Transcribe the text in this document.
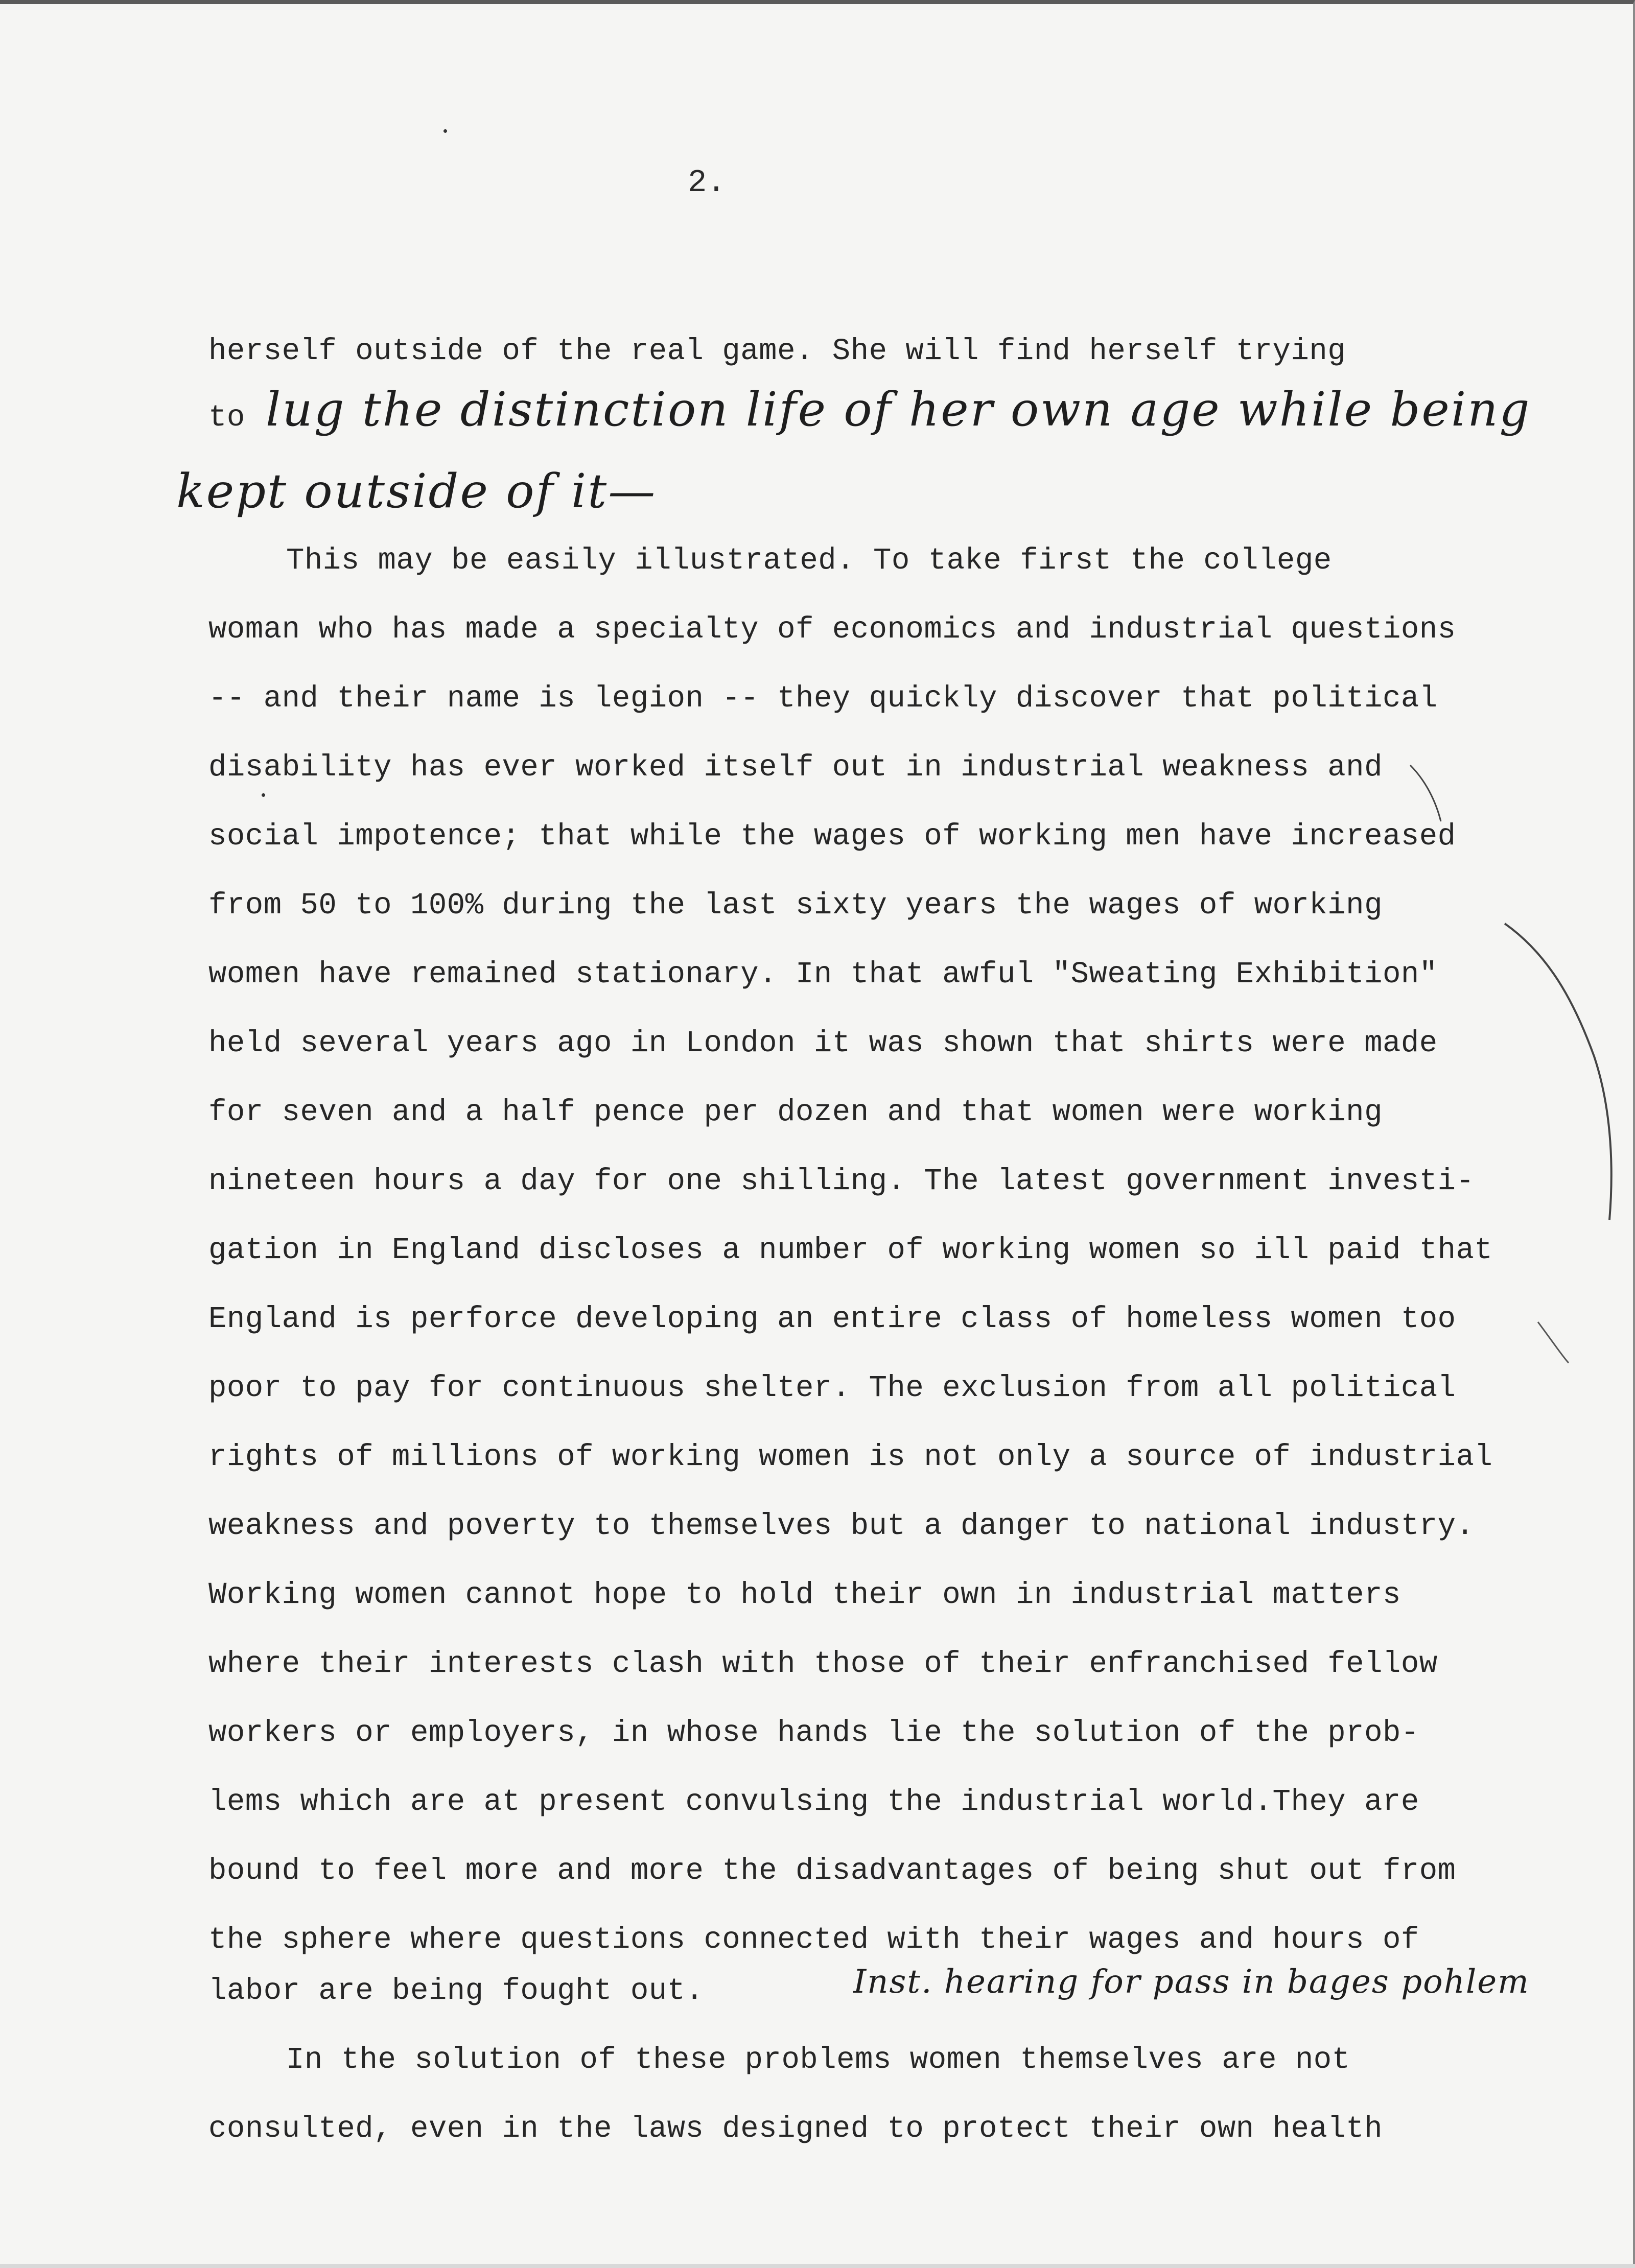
2.

herself outside of the real game. She will find herself trying

to lug the distinction life of her own age while being

kept outside of it—

This may be easily illustrated. To take first the college

woman who has made a specialty of economics and industrial questions

-- and their name is legion -- they quickly discover that political

disability has ever worked itself out in industrial weakness and

social impotence; that while the wages of working men have increased

from 50 to 100% during the last sixty years the wages of working

women have remained stationary. In that awful "Sweating Exhibition"

held several years ago in London it was shown that shirts were made

for seven and a half pence per dozen and that women were working

nineteen hours a day for one shilling. The latest government investi-

gation in England discloses a number of working women so ill paid that

England is perforce developing an entire class of homeless women too

poor to pay for continuous shelter. The exclusion from all political

rights of millions of working women is not only a source of industrial

weakness and poverty to themselves but a danger to national industry.

Working women cannot hope to hold their own in industrial matters

where their interests clash with those of their enfranchised fellow

workers or employers, in whose hands lie the solution of the prob-

lems which are at present convulsing the industrial world.They are

bound to feel more and more the disadvantages of being shut out from

the sphere where questions connected with their wages and hours of

labor are being fought out.	Inst. hearing for pass in bages pohlem

In the solution of these problems women themselves are not

consulted, even in the laws designed to protect their own health
